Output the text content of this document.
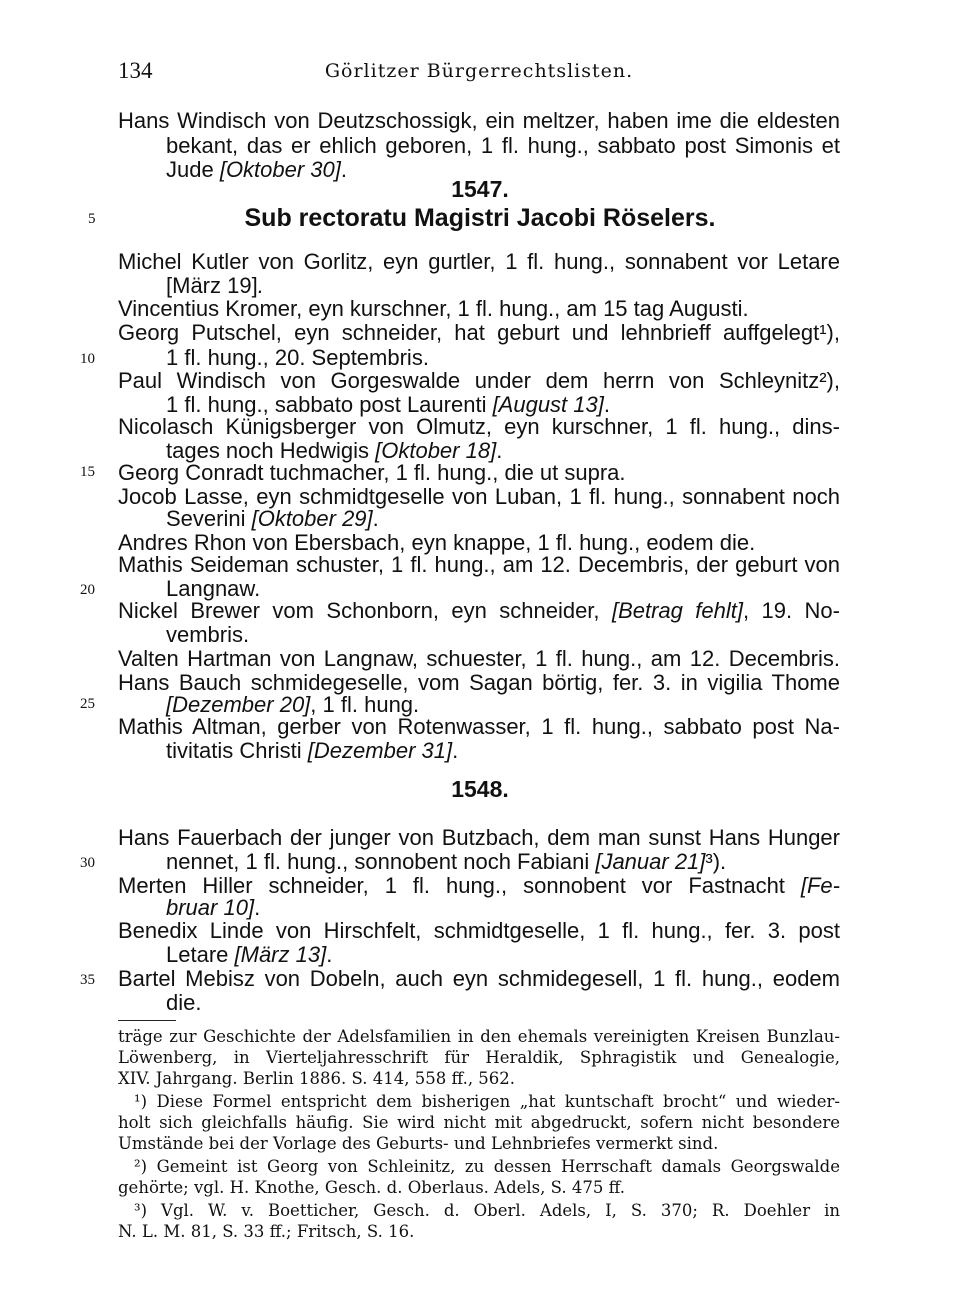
134	Görlitzer Bürgerrechtslisten.
5
10
15
20
25
30
35
Hans Windisch von Deutzschossigk, ein meltzer, haben ime die eldesten
bekant, das er ehlich geboren, 1 fl. hung., sabbato post Simonis et
Jude [Oktober 30].
Michel Kutler von Gorlitz, eyn gurtler, 1 fl. hung., sonnabent vor Letare
[März 19].
Vincentius Kromer, eyn kurschner, 1 fl. hung., am 15 tag Augusti.
Georg Putschel, eyn schneider, hat geburt und lehnbrieff auffgelegt¹),
1 fl. hung., 20. Septembris.
Paul Windisch von Gorgeswalde under dem herrn von Schleynitz²),
1 fl. hung., sabbato post Laurenti [August 13].
Nicolasch Künigsberger von Olmutz, eyn kurschner, 1 fl. hung., dins-
tages noch Hedwigis [Oktober 18].
Georg Conradt tuchmacher, 1 fl. hung., die ut supra.
Jocob Lasse, eyn schmidtgeselle von Luban, 1 fl. hung., sonnabent noch
Severini [Oktober 29].
Andres Rhon von Ebersbach, eyn knappe, 1 fl. hung., eodem die.
Mathis Seideman schuster, 1 fl. hung., am 12. Decembris, der geburt von
Langnaw.
Nickel Brewer vom Schonborn, eyn schneider, [Betrag fehlt], 19. No-
vembris.
Valten Hartman von Langnaw, schuester, 1 fl. hung., am 12. Decembris.
Hans Bauch schmidegeselle, vom Sagan börtig, fer. 3. in vigilia Thome
[Dezember 20], 1 fl. hung.
Mathis Altman, gerber von Rotenwasser, 1 fl. hung., sabbato post Na-
tivitatis Christi [Dezember 31].
Hans Fauerbach der junger von Butzbach, dem man sunst Hans Hunger
nennet, 1 fl. hung., sonnobent noch Fabiani [Januar 21]³).
Merten Hiller schneider, 1 fl. hung., sonnobent vor Fastnacht [Fe-
bruar 10].
Benedix Linde von Hirschfelt, schmidtgeselle, 1 fl. hung., fer. 3. post
Letare [März 13].
Bartel Mebisz von Dobeln, auch eyn schmidegesell, 1 fl. hung., eodem
die.
1547.
Sub rectoratu Magistri Jacobi Röselers.
1548.
träge zur Geschichte der Adelsfamilien in den ehemals vereinigten Kreisen Bunzlau-
Löwenberg, in Vierteljahresschrift für Heraldik, Sphragistik und Genealogie,
XIV. Jahrgang. Berlin 1886. S. 414, 558 ff., 562.
¹) Diese Formel entspricht dem bisherigen „hat kuntschaft brocht“ und wieder-
holt sich gleichfalls häufig. Sie wird nicht mit abgedruckt, sofern nicht besondere
Umstände bei der Vorlage des Geburts- und Lehnbriefes vermerkt sind.
²) Gemeint ist Georg von Schleinitz, zu dessen Herrschaft damals Georgswalde
gehörte; vgl. H. Knothe, Gesch. d. Oberlaus. Adels, S. 475 ff.
³) Vgl. W. v. Boetticher, Gesch. d. Oberl. Adels, I, S. 370; R. Doehler in
N. L. M. 81, S. 33 ff.; Fritsch, S. 16.
